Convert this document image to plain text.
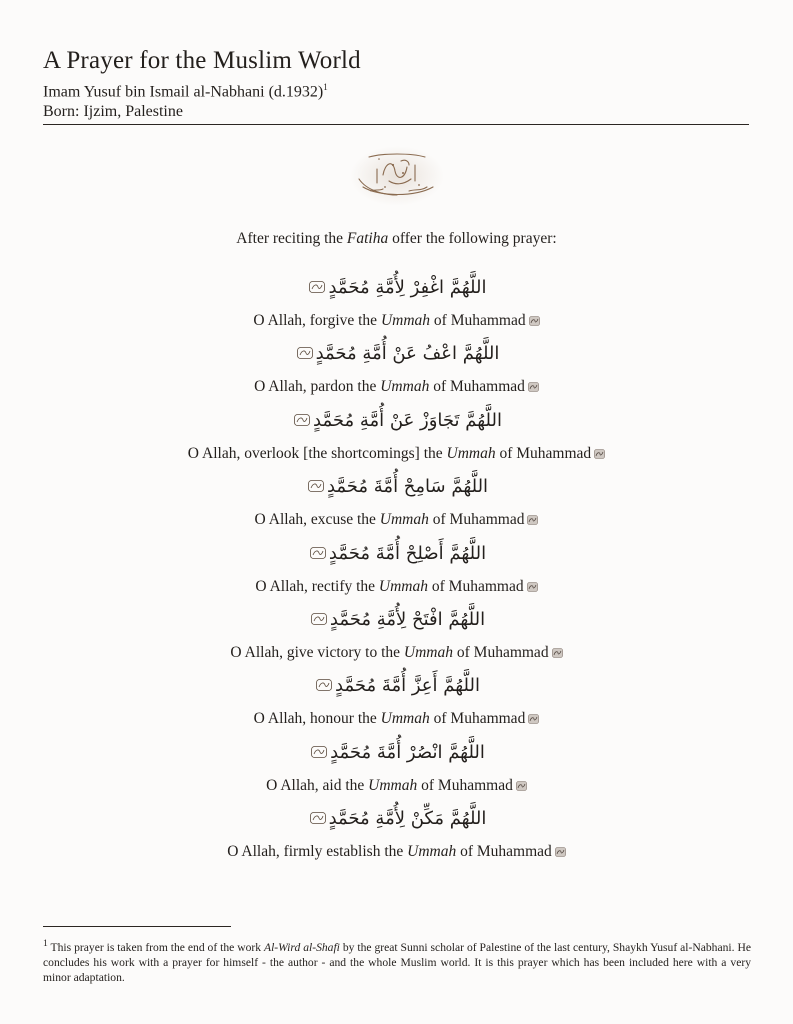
A Prayer for the Muslim World
Imam Yusuf bin Ismail al-Nabhani $(d.1932)^1$
Born: Ijzim, Palestine
After reciting the Fatiha offer the following prayer:
اللَّهُمَّ اغْفِرْ لِأُمَّةِ مُحَمَّدٍ
O Allah, forgive the Ummah of Muhammad
اللَّهُمَّ اعْفُ عَنْ أُمَّةِ مُحَمَّدٍ
O Allah, pardon the Ummah of Muhammad
اللَّهُمَّ تَجَاوَزْ عَنْ أُمَّةِ مُحَمَّدٍ
O Allah, overlook [the shortcomings] the Ummah of Muhammad
اللَّهُمَّ سَامِحْ أُمَّةَ مُحَمَّدٍ
O Allah, excuse the Ummah of Muhammad
اللَّهُمَّ أَصْلِحْ أُمَّةَ مُحَمَّدٍ
O Allah, rectify the Ummah of Muhammad
اللَّهُمَّ افْتَحْ لِأُمَّةِ مُحَمَّدٍ
O Allah, give victory to the Ummah of Muhammad
اللَّهُمَّ أَعِزَّ أُمَّةَ مُحَمَّدٍ
O Allah, honour the Ummah of Muhammad
اللَّهُمَّ انْصُرْ أُمَّةَ مُحَمَّدٍ
O Allah, aid the Ummah of Muhammad
اللَّهُمَّ مَكِّنْ لِأُمَّةِ مُحَمَّدٍ
O Allah, firmly establish the Ummah of Muhammad
$^1$ This prayer is taken from the end of the work Al-Wird al-Shafi by the great Sunni scholar of Palestine of the last century, Shaykh Yusuf al-Nabhani. He concludes his work with a prayer for himself - the author - and the whole Muslim world. It is this prayer which has been included here with a very minor adaptation.
